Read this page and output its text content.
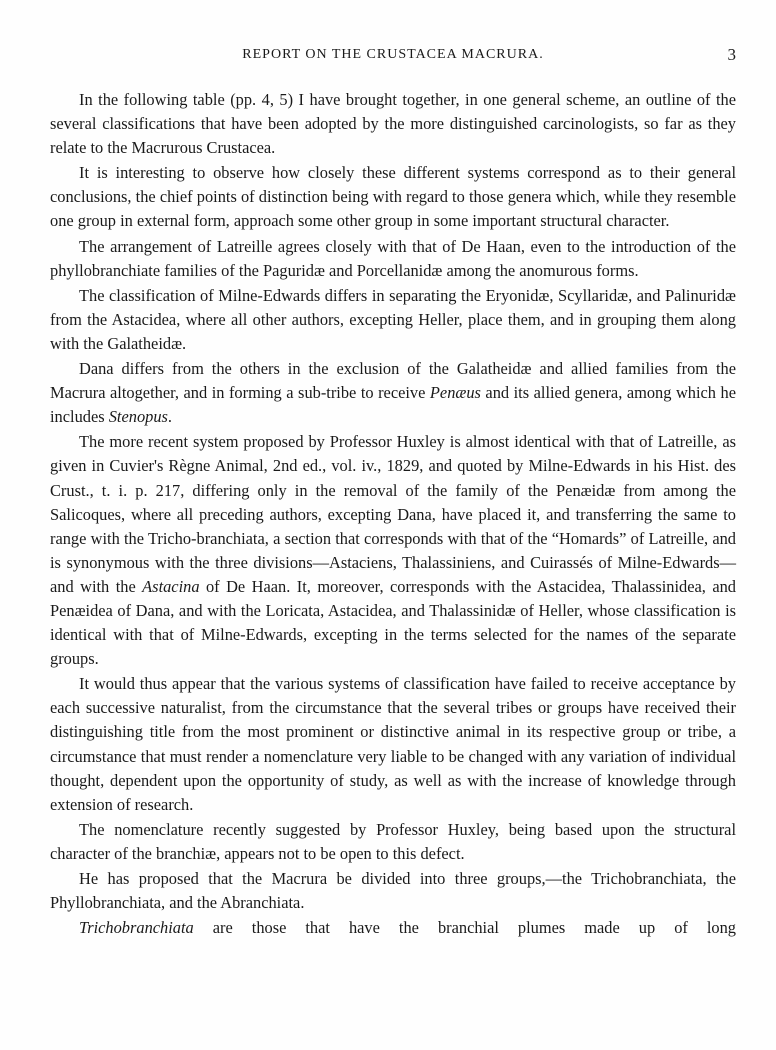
REPORT ON THE CRUSTACEA MACRURA.	3

In the following table (pp. 4, 5) I have brought together, in one general scheme, an outline of the several classifications that have been adopted by the more distinguished carcinologists, so far as they relate to the Macrurous Crustacea.

It is interesting to observe how closely these different systems correspond as to their general conclusions, the chief points of distinction being with regard to those genera which, while they resemble one group in external form, approach some other group in some important structural character.

The arrangement of Latreille agrees closely with that of De Haan, even to the introduction of the phyllobranchiate families of the Paguridæ and Porcellanidæ among the anomurous forms.

The classification of Milne-Edwards differs in separating the Eryonidæ, Scyllaridæ, and Palinuridæ from the Astacidea, where all other authors, excepting Heller, place them, and in grouping them along with the Galatheidæ.

Dana differs from the others in the exclusion of the Galatheidæ and allied families from the Macrura altogether, and in forming a sub-tribe to receive Penæus and its allied genera, among which he includes Stenopus.

The more recent system proposed by Professor Huxley is almost identical with that of Latreille, as given in Cuvier's Règne Animal, 2nd ed., vol. iv., 1829, and quoted by Milne-Edwards in his Hist. des Crust., t. i. p. 217, differing only in the removal of the family of the Penæidæ from among the Salicoques, where all preceding authors, excepting Dana, have placed it, and transferring the same to range with the Tricho-branchiata, a section that corresponds with that of the “Homards” of Latreille, and is synonymous with the three divisions—Astaciens, Thalassiniens, and Cuirassés of Milne-Edwards—and with the Astacina of De Haan. It, moreover, corresponds with the Astacidea, Thalassinidea, and Penæidea of Dana, and with the Loricata, Astacidea, and Thalassinidæ of Heller, whose classification is identical with that of Milne-Edwards, excepting in the terms selected for the names of the separate groups.

It would thus appear that the various systems of classification have failed to receive acceptance by each successive naturalist, from the circumstance that the several tribes or groups have received their distinguishing title from the most prominent or distinctive animal in its respective group or tribe, a circumstance that must render a nomenclature very liable to be changed with any variation of individual thought, dependent upon the opportunity of study, as well as with the increase of knowledge through extension of research.

The nomenclature recently suggested by Professor Huxley, being based upon the structural character of the branchiæ, appears not to be open to this defect.

He has proposed that the Macrura be divided into three groups,—the Trichobranchiata, the Phyllobranchiata, and the Abranchiata.

Trichobranchiata are those that have the branchial plumes made up of long
